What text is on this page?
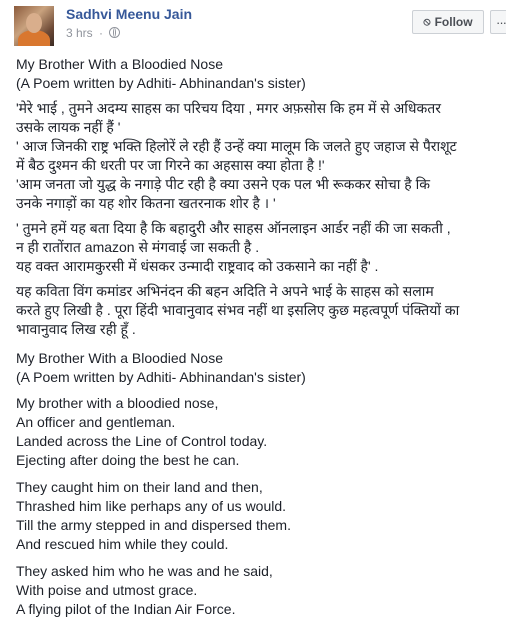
Sadhvi Meenu Jain
3 hrs ·
⦸ Follow	···

My Brother With a Bloodied Nose

(A Poem written by Adhiti- Abhinandan's sister)

'मेरे भाई , तुमने अदम्य साहस का परिचय दिया , मगर अफ़सोस कि हम में से अधिकतर

उसके लायक नहीं हैं '

' आज जिनकी राष्ट्र भक्ति हिलोरें ले रही हैं उन्हें क्या मालूम कि जलते हुए जहाज से पैराशूट

में बैठ दुश्मन की धरती पर जा गिरने का अहसास क्या होता है !'

'आम जनता जो युद्ध के नगाड़े पीट रही है क्या उसने एक पल भी रूककर सोचा है कि

उनके नगाड़ों का यह शोर कितना खतरनाक शोर है । '

' तुमने हमें यह बता दिया है कि बहादुरी और साहस ऑनलाइन आर्डर नहीं की जा सकती ,

न ही रातोंरात amazon से मंगवाई जा सकती है .

यह वक्त आरामकुरसी में धंसकर उन्मादी राष्ट्रवाद को उकसाने का नहीं है' .

यह कविता विंग कमांडर अभिनंदन की बहन अदिति ने अपने भाई के साहस को सलाम

करते हुए लिखी है . पूरा हिंदी भावानुवाद संभव नहीं था इसलिए कुछ महत्वपूर्ण पंक्तियों का

भावानुवाद लिख रही हूँ .

My Brother With a Bloodied Nose

(A Poem written by Adhiti- Abhinandan's sister)

My brother with a bloodied nose,

An officer and gentleman.

Landed across the Line of Control today.

Ejecting after doing the best he can.

They caught him on their land and then,

Thrashed him like perhaps any of us would.

Till the army stepped in and dispersed them.

And rescued him while they could.

They asked him who he was and he said,

With poise and utmost grace.

A flying pilot of the Indian Air Force.
